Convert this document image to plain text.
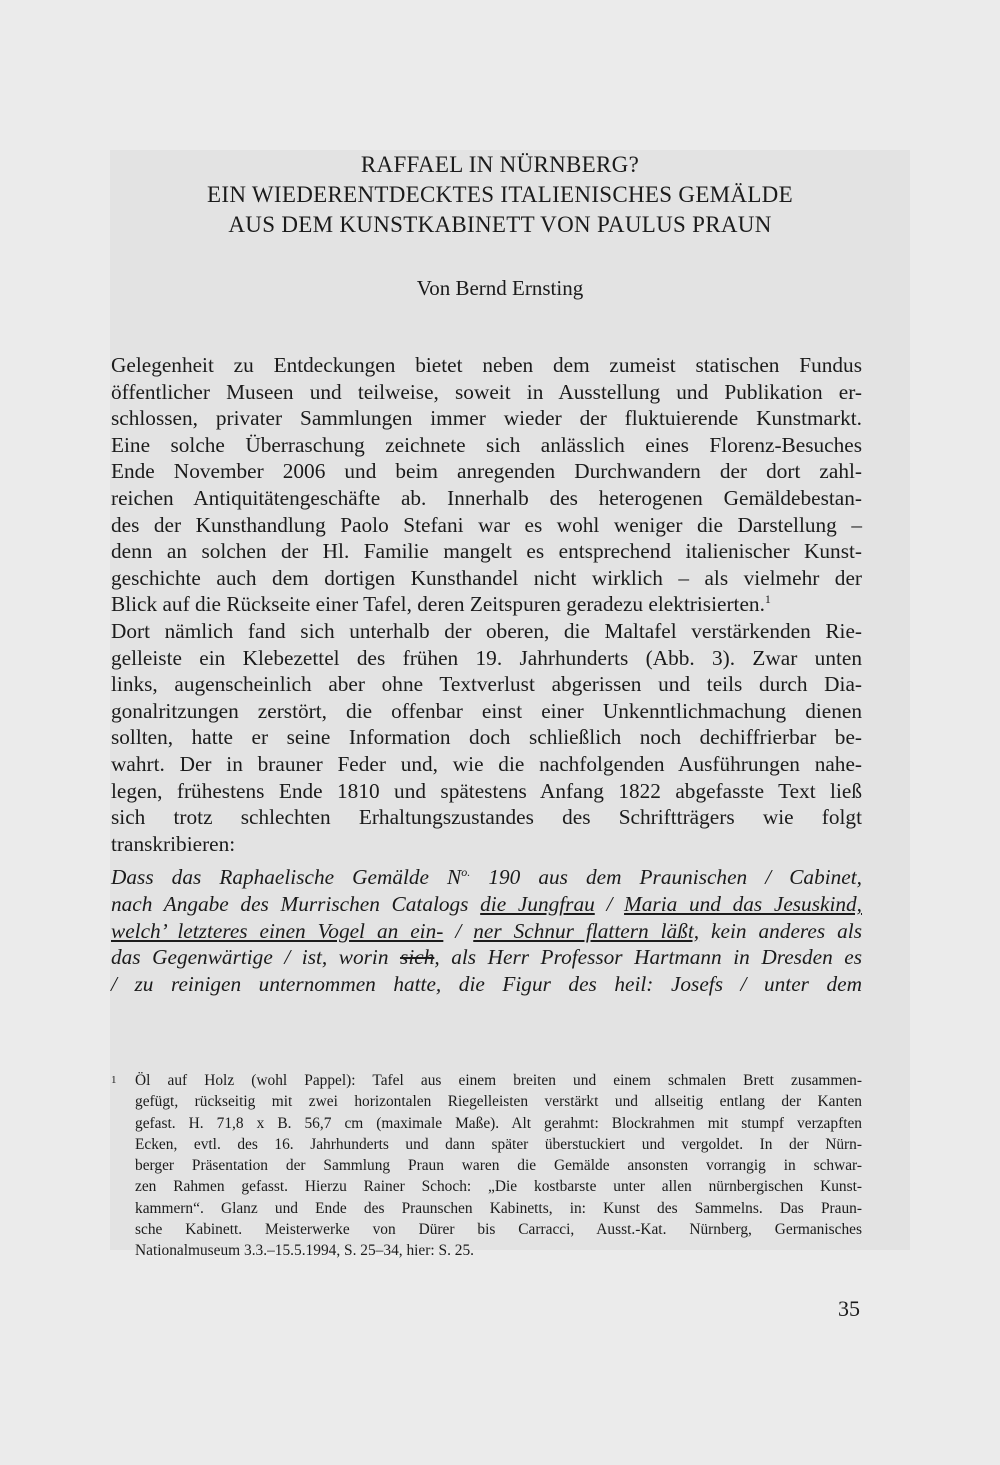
RAFFAEL IN NÜRNBERG?
EIN WIEDERENTDECKTES ITALIENISCHES GEMÄLDE
AUS DEM KUNSTKABINETT VON PAULUS PRAUN
Von Bernd Ernsting
Gelegenheit zu Entdeckungen bietet neben dem zumeist statischen Fundus
öffentlicher Museen und teilweise, soweit in Ausstellung und Publikation er-
schlossen, privater Sammlungen immer wieder der fluktuierende Kunstmarkt.
Eine solche Überraschung zeichnete sich anlässlich eines Florenz-Besuches
Ende November 2006 und beim anregenden Durchwandern der dort zahl-
reichen Antiquitätengeschäfte ab. Innerhalb des heterogenen Gemäldebestan-
des der Kunsthandlung Paolo Stefani war es wohl weniger die Darstellung –
denn an solchen der Hl. Familie mangelt es entsprechend italienischer Kunst-
geschichte auch dem dortigen Kunsthandel nicht wirklich – als vielmehr der
Blick auf die Rückseite einer Tafel, deren Zeitspuren geradezu elektrisierten.$^1$
Dort nämlich fand sich unterhalb der oberen, die Maltafel verstärkenden Rie-
gelleiste ein Klebezettel des frühen 19. Jahrhunderts (Abb. 3). Zwar unten
links, augenscheinlich aber ohne Textverlust abgerissen und teils durch Dia-
gonalritzungen zerstört, die offenbar einst einer Unkenntlichmachung dienen
sollten, hatte er seine Information doch schließlich noch dechiffrierbar be-
wahrt. Der in brauner Feder und, wie die nachfolgenden Ausführungen nahe-
legen, frühestens Ende 1810 und spätestens Anfang 1822 abgefasste Text ließ
sich trotz schlechten Erhaltungszustandes des Schriftträgers wie folgt
transkribieren:
Dass das Raphaelische Gemälde $N^{o.}$ 190 aus dem Praunischen / Cabinet,
nach Angabe des Murrischen Catalogs die Jungfrau / Maria und das Jesuskind,
welch’ letzteres einen Vogel an ein- / ner Schnur flattern läßt, kein anderes als
das Gegenwärtige / ist, worin sich, als Herr Professor Hartmann in Dresden es
/ zu reinigen unternommen hatte, die Figur des heil: Josefs / unter dem
1 Öl auf Holz (wohl Pappel): Tafel aus einem breiten und einem schmalen Brett zusammen-
gefügt, rückseitig mit zwei horizontalen Riegelleisten verstärkt und allseitig entlang der Kanten
gefast. H. 71,8 x B. 56,7 cm (maximale Maße). Alt gerahmt: Blockrahmen mit stumpf verzapften
Ecken, evtl. des 16. Jahrhunderts und dann später überstuckiert und vergoldet. In der Nürn-
berger Präsentation der Sammlung Praun waren die Gemälde ansonsten vorrangig in schwar-
zen Rahmen gefasst. Hierzu Rainer Schoch: „Die kostbarste unter allen nürnbergischen Kunst-
kammern“. Glanz und Ende des Praunschen Kabinetts, in: Kunst des Sammelns. Das Praun-
sche Kabinett. Meisterwerke von Dürer bis Carracci, Ausst.-Kat. Nürnberg, Germanisches
Nationalmuseum 3.3.–15.5.1994, S. 25–34, hier: S. 25.
35
